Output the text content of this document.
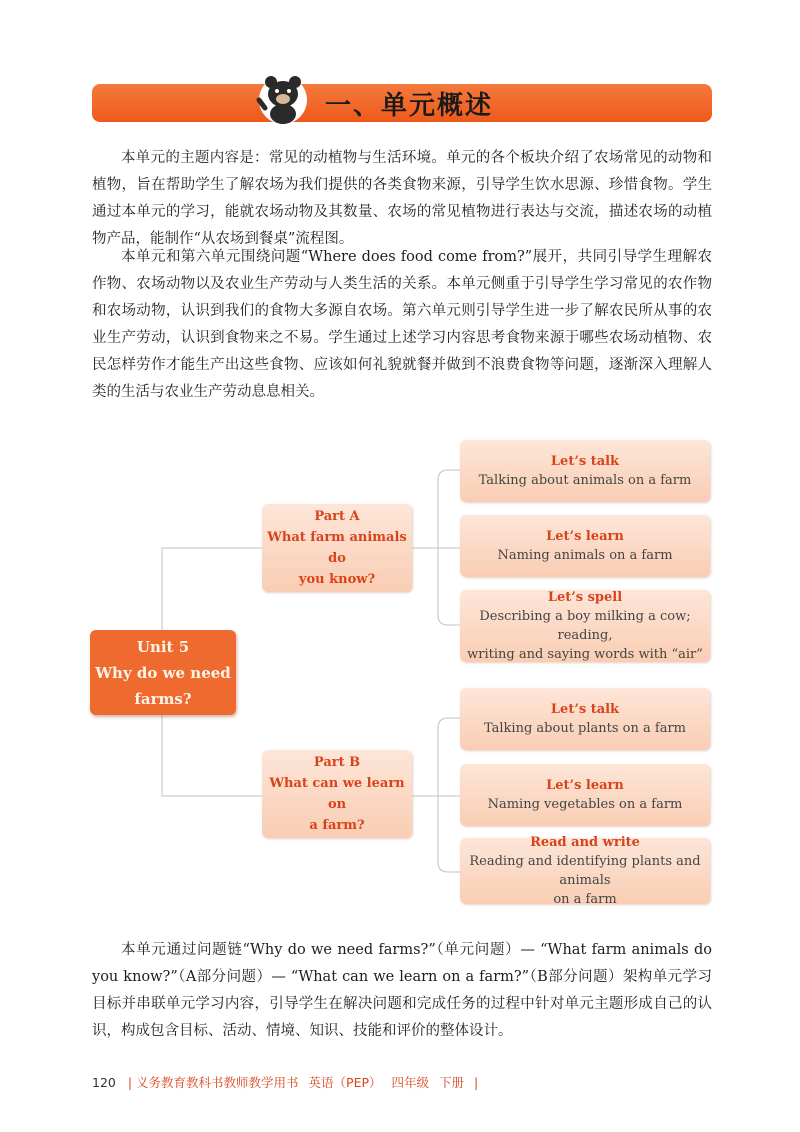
一、单元概述

本单元的主题内容是：常见的动植物与生活环境。单元的各个板块介绍了农场常见的动物和植物，旨在帮助学生了解农场为我们提供的各类食物来源，引导学生饮水思源、珍惜食物。学生通过本单元的学习，能就农场动物及其数量、农场的常见植物进行表达与交流，描述农场的动植物产品，能制作“从农场到餐桌”流程图。

本单元和第六单元围绕问题“Where does food come from?”展开，共同引导学生理解农作物、农场动物以及农业生产劳动与人类生活的关系。本单元侧重于引导学生学习常见的农作物和农场动物，认识到我们的食物大多源自农场。第六单元则引导学生进一步了解农民所从事的农业生产劳动，认识到食物来之不易。学生通过上述学习内容思考食物来源于哪些农场动植物、农民怎样劳作才能生产出这些食物、应该如何礼貌就餐并做到不浪费食物等问题，逐渐深入理解人类的生活与农业生产劳动息息相关。

Unit 5
Why do we need
farms?
Part A
What farm animals do
you know?
Part B
What can we learn on
a farm?
Let’s talk
Talking about animals on a farm
Let’s learn
Naming animals on a farm
Let’s spell
Describing a boy milking a cow; reading,
writing and saying words with “air”
Let’s talk
Talking about plants on a farm
Let’s learn
Naming vegetables on a farm
Read and write
Reading and identifying plants and animals
on a farm

本单元通过问题链“Why do we need farms?”（单元问题）— “What farm animals do you know?”（A部分问题）— “What can we learn on a farm?”（B部分问题）架构单元学习目标并串联单元学习内容，引导学生在解决问题和完成任务的过程中针对单元主题形成自己的认识，构成包含目标、活动、情境、知识、技能和评价的整体设计。

120 | 义务教育教科书教师教学用书 英语（PEP） 四年级 下册 |
